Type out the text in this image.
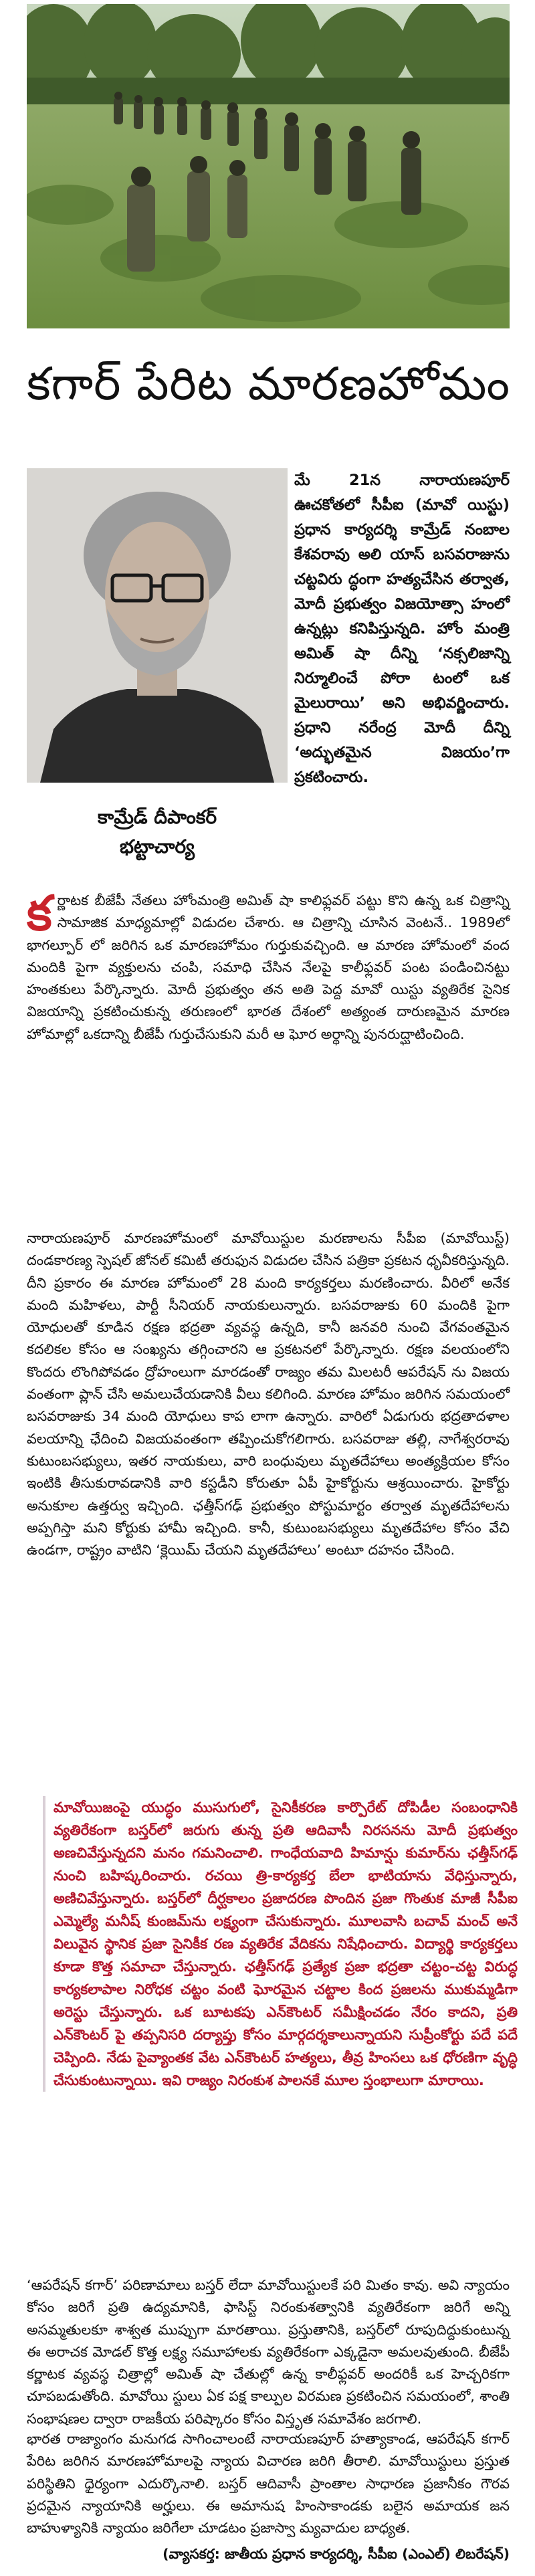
కగార్ పేరిట మారణహోమం
కామ్రేడ్ దీపాంకర్
భట్టాచార్య
మే 21న నారాయణపూర్ ఊచకోతలో సీపీఐ (మావో యిస్టు) ప్రధాన కార్యదర్శి కామ్రేడ్ నంబాల కేశవరావు అలి యాస్ బసవరాజును చట్టవిరు ద్ధంగా హత్యచేసిన తర్వాత, మోదీ ప్రభుత్వం విజయోత్సా హంలో ఉన్నట్లు కనిపిస్తున్నది. హోం మంత్రి అమిత్ షా దీన్ని ‘నక్సలిజాన్ని నిర్మూలించే పోరా టంలో ఒక మైలురాయి’ అని అభివర్ణించారు. ప్రధాని నరేంద్ర మోదీ దీన్ని ‘అద్భుతమైన విజయం’గా ప్రకటించారు.
క ర్ణాటక బీజేపీ నేతలు హోంమంత్రి అమిత్ షా కాలిఫ్లవర్ పట్టు కొని ఉన్న ఒక చిత్రాన్ని సామాజిక మాధ్యమాల్లో విడుదల చేశారు. ఆ చిత్రాన్ని చూసిన వెంటనే.. 1989లో భాగల్పూర్ లో జరిగిన ఒక మారణహోమం గుర్తుకువచ్చింది. ఆ మారణ హోమంలో వంద మందికి పైగా వ్యక్తులను చంపి, సమాధి చేసిన నేలపై కాలీఫ్లవర్ పంట పండించినట్టు హంతకులు పేర్కొన్నారు. మోదీ ప్రభుత్వం తన అతి పెద్ద మావో యిస్టు వ్యతిరేక సైనిక విజయాన్ని ప్రకటించుకున్న తరుణంలో భారత దేశంలో అత్యంత దారుణమైన మారణ హోమాల్లో ఒకదాన్ని బీజేపీ గుర్తుచేసుకుని మరీ ఆ ఘోర అర్థాన్ని పునరుద్ఘాటించింది.
నారాయణపూర్ మారణహోమంలో మావోయిస్టుల మరణాలను సీపీఐ (మావోయిస్ట్) దండకారణ్య స్పెషల్ జోనల్ కమిటీ తరుఫున విడుదల చేసిన పత్రికా ప్రకటన ధృవీకరిస్తున్నది. దీని ప్రకారం ఈ మారణ హోమంలో 28 మంది కార్యకర్తలు మరణించారు. వీరిలో అనేక మంది మహిళలు, పార్టీ సీనియర్ నాయకులున్నారు. బసవరాజుకు 60 మందికి పైగా యోధులతో కూడిన రక్షణ భద్రతా వ్యవస్థ ఉన్నది, కానీ జనవరి నుంచి వేగవంతమైన కదలికల కోసం ఆ సంఖ్యను తగ్గించారని ఆ ప్రకటనలో పేర్కొన్నారు. రక్షణ వలయంలోని కొందరు లొంగిపోవడం ద్రోహంలుగా మారడంతో రాజ్యం తమ మిలటరీ ఆపరేషన్ ను విజయ వంతంగా ప్లాన్ చేసి అమలుచేయడానికి వీలు కలిగింది. మారణ హోమం జరిగిన సమయంలో బసవరాజుకు 34 మంది యోధులు కాప లాగా ఉన్నారు. వారిలో ఏడుగురు భద్రతాదళాల వలయాన్ని ఛేదించి విజయవంతంగా తప్పించుకోగలిగారు. బసవరాజు తల్లి, నాగేశ్వరరావు కుటుంబసభ్యులు, ఇతర నాయకులు, వారి బంధువులు మృతదేహాలు అంత్యక్రియల కోసం ఇంటికి తీసుకురావడానికి వారి కస్టడీని కోరుతూ ఏపీ హైకోర్టును ఆశ్రయించారు. హైకోర్టు అనుకూల ఉత్తర్వు ఇచ్చింది. ఛత్తీస్‌గఢ్ ప్రభుత్వం పోస్టుమార్టం తర్వాత మృతదేహాలను అప్పగిస్తా మని కోర్టుకు హామీ ఇచ్చింది. కానీ, కుటుంబసభ్యులు మృతదేహాల కోసం వేచి ఉండగా, రాష్ట్రం వాటిని ‘క్లెయిమ్ చేయని మృతదేహాలు’ అంటూ దహనం చేసింది.
మావోయిజంపై యుద్ధం ముసుగులో, సైనికీకరణ కార్పొరేట్ దోపిడీల సంబంధానికి వ్యతిరేకంగా బస్తర్‌లో జరుగు తున్న ప్రతి ఆదివాసీ నిరసనను మోదీ ప్రభుత్వం అణచివేస్తున్నదని మనం గమనించాలి. గాంధేయవాది హిమాన్షు కుమార్‌ను ఛత్తీస్‌గఢ్ నుంచి బహిష్కరించారు. రచయి త్రి-కార్యకర్త బేలా భాటియాను వేధిస్తున్నారు, అణిచివేస్తున్నారు. బస్తర్‌లో దీర్ఘకాలం ప్రజాదరణ పొందిన ప్రజా గొంతుక మాజీ సీపీఐ ఎమ్మెల్యే మనీష్ కుంజమ్‌ను లక్ష్యంగా చేసుకున్నారు. మూలవాసి బచావ్ మంచ్ అనే విలువైన స్థానిక ప్రజా సైనికీక రణ వ్యతిరేక వేదికను నిషేధించారు. విద్యార్థి కార్యకర్తలు కూడా కొత్త సమాచా చేస్తున్నారు. ఛత్తీస్‌గఢ్ ప్రత్యేక ప్రజా భద్రతా చట్టం-చట్ట విరుద్ధ కార్యకలాపాల నిరోధక చట్టం వంటి ఘోరమైన చట్టాల కింద ప్రజలను ముకుమ్మడిగా అరెస్టు చేస్తున్నారు. ఒక బూటకపు ఎన్‌కౌంటర్ సమీక్షించడం నేరం కాదని, ప్రతి ఎన్‌కౌంటర్ పై తప్పనిసరి దర్యాప్తు కోసం మార్గదర్శకాలున్నాయని సుప్రీంకోర్టు పదే పదే చెప్పింది. నేడు పైవ్యాంతక వేట ఎన్‌కౌంటర్ హత్యలు, తీవ్ర హింసలు ఒక ధోరణిగా వృద్ధి చేసుకుంటున్నాయి. ఇవి రాజ్యం నిరంకుశ పాలనకే మూల స్తంభాలుగా మారాయి.
‘ఆపరేషన్ కగార్’ పరిణామాలు బస్తర్ లేదా మావోయిస్టులకే పరి మితం కావు. అవి న్యాయం కోసం జరిగే ప్రతి ఉద్యమానికి, ఫాసిస్ట్ నిరంకుశత్వానికి వ్యతిరేకంగా జరిగే అన్ని అసమ్మతులకూ శాశ్వత ముప్పుగా మారతాయి. ప్రస్తుతానికి, బస్తర్‌లో రూపుదిద్దుకుంటున్న ఈ అరాచక మోడల్ కొత్త లక్ష్య సమూహాలకు వ్యతిరేకంగా ఎక్కడైనా అమలవుతుంది. బీజేపీ కర్ణాటక వ్యవస్థ చిత్రాల్లో అమిత్ షా చేతుల్లో ఉన్న కాలీఫ్లవర్ అందరికీ ఒక హెచ్చరికగా చూపబడుతోంది. మావోయి స్టులు ఏక పక్ష కాల్పుల విరమణ ప్రకటించిన సమయంలో, శాంతి సంభాషణల ద్వారా రాజకీయ పరిష్కారం కోసం విస్తృత సమావేశం జరగాలి.
భారత రాజ్యాంగం మనుగడ సాగించాలంటే నారాయణపూర్ హత్యాకాండ, ఆపరేషన్ కగార్ పేరిట జరిగిన మారణహోమాలపై న్యాయ విచారణ జరిగి తీరాలి. మావోయిస్టులు ప్రస్తుత పరిస్థితిని ధైర్యంగా ఎదుర్కొనాలి. బస్తర్ ఆదివాసీ ప్రాంతాల సాధారణ ప్రజానీకం గౌరవ ప్రదమైన న్యాయానికి అర్హులు. ఈ అమానుష హింసాకాండకు బలైన అమాయక జన బాహుళ్యానికి న్యాయం జరిగేలా చూడటం ప్రజాస్వా మ్యవాదుల బాధ్యత.
(వ్యాసకర్త: జాతీయ ప్రధాన కార్యదర్శి, సీపీఐ (ఎంఎల్) లిబరేషన్)
